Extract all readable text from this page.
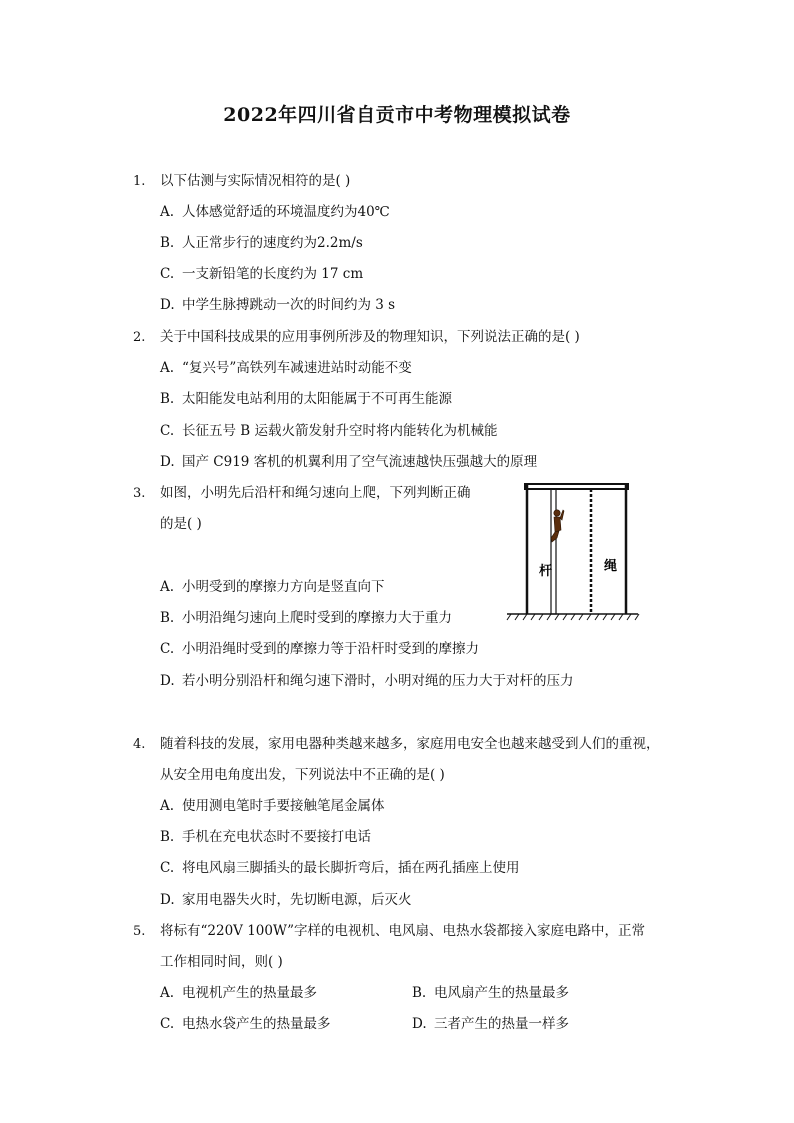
2022年四川省自贡市中考物理模拟试卷
1. 以下估测与实际情况相符的是( )
A. 人体感觉舒适的环境温度约为40℃
B. 人正常步行的速度约为2.2m/s
C. 一支新铅笔的长度约为 17 cm
D. 中学生脉搏跳动一次的时间约为 3 s
2. 关于中国科技成果的应用事例所涉及的物理知识，下列说法正确的是( )
A. “复兴号”高铁列车减速进站时动能不变
B. 太阳能发电站利用的太阳能属于不可再生能源
C. 长征五号 B 运载火箭发射升空时将内能转化为机械能
D. 国产 C919 客机的机翼利用了空气流速越快压强越大的原理
3. 如图，小明先后沿杆和绳匀速向上爬，下列判断正确
的是( )
A. 小明受到的摩擦力方向是竖直向下
B. 小明沿绳匀速向上爬时受到的摩擦力大于重力
C. 小明沿绳时受到的摩擦力等于沿杆时受到的摩擦力
D. 若小明分别沿杆和绳匀速下滑时，小明对绳的压力大于对杆的压力
杆	绳
4. 随着科技的发展，家用电器种类越来越多，家庭用电安全也越来越受到人们的重视，
从安全用电角度出发，下列说法中不正确的是( )
A. 使用测电笔时手要接触笔尾金属体
B. 手机在充电状态时不要接打电话
C. 将电风扇三脚插头的最长脚折弯后，插在两孔插座上使用
D. 家用电器失火时，先切断电源，后灭火
5. 将标有“220V 100W”字样的电视机、电风扇、电热水袋都接入家庭电路中，正常
工作相同时间，则( )
A. 电视机产生的热量最多	B. 电风扇产生的热量最多
C. 电热水袋产生的热量最多	D. 三者产生的热量一样多
